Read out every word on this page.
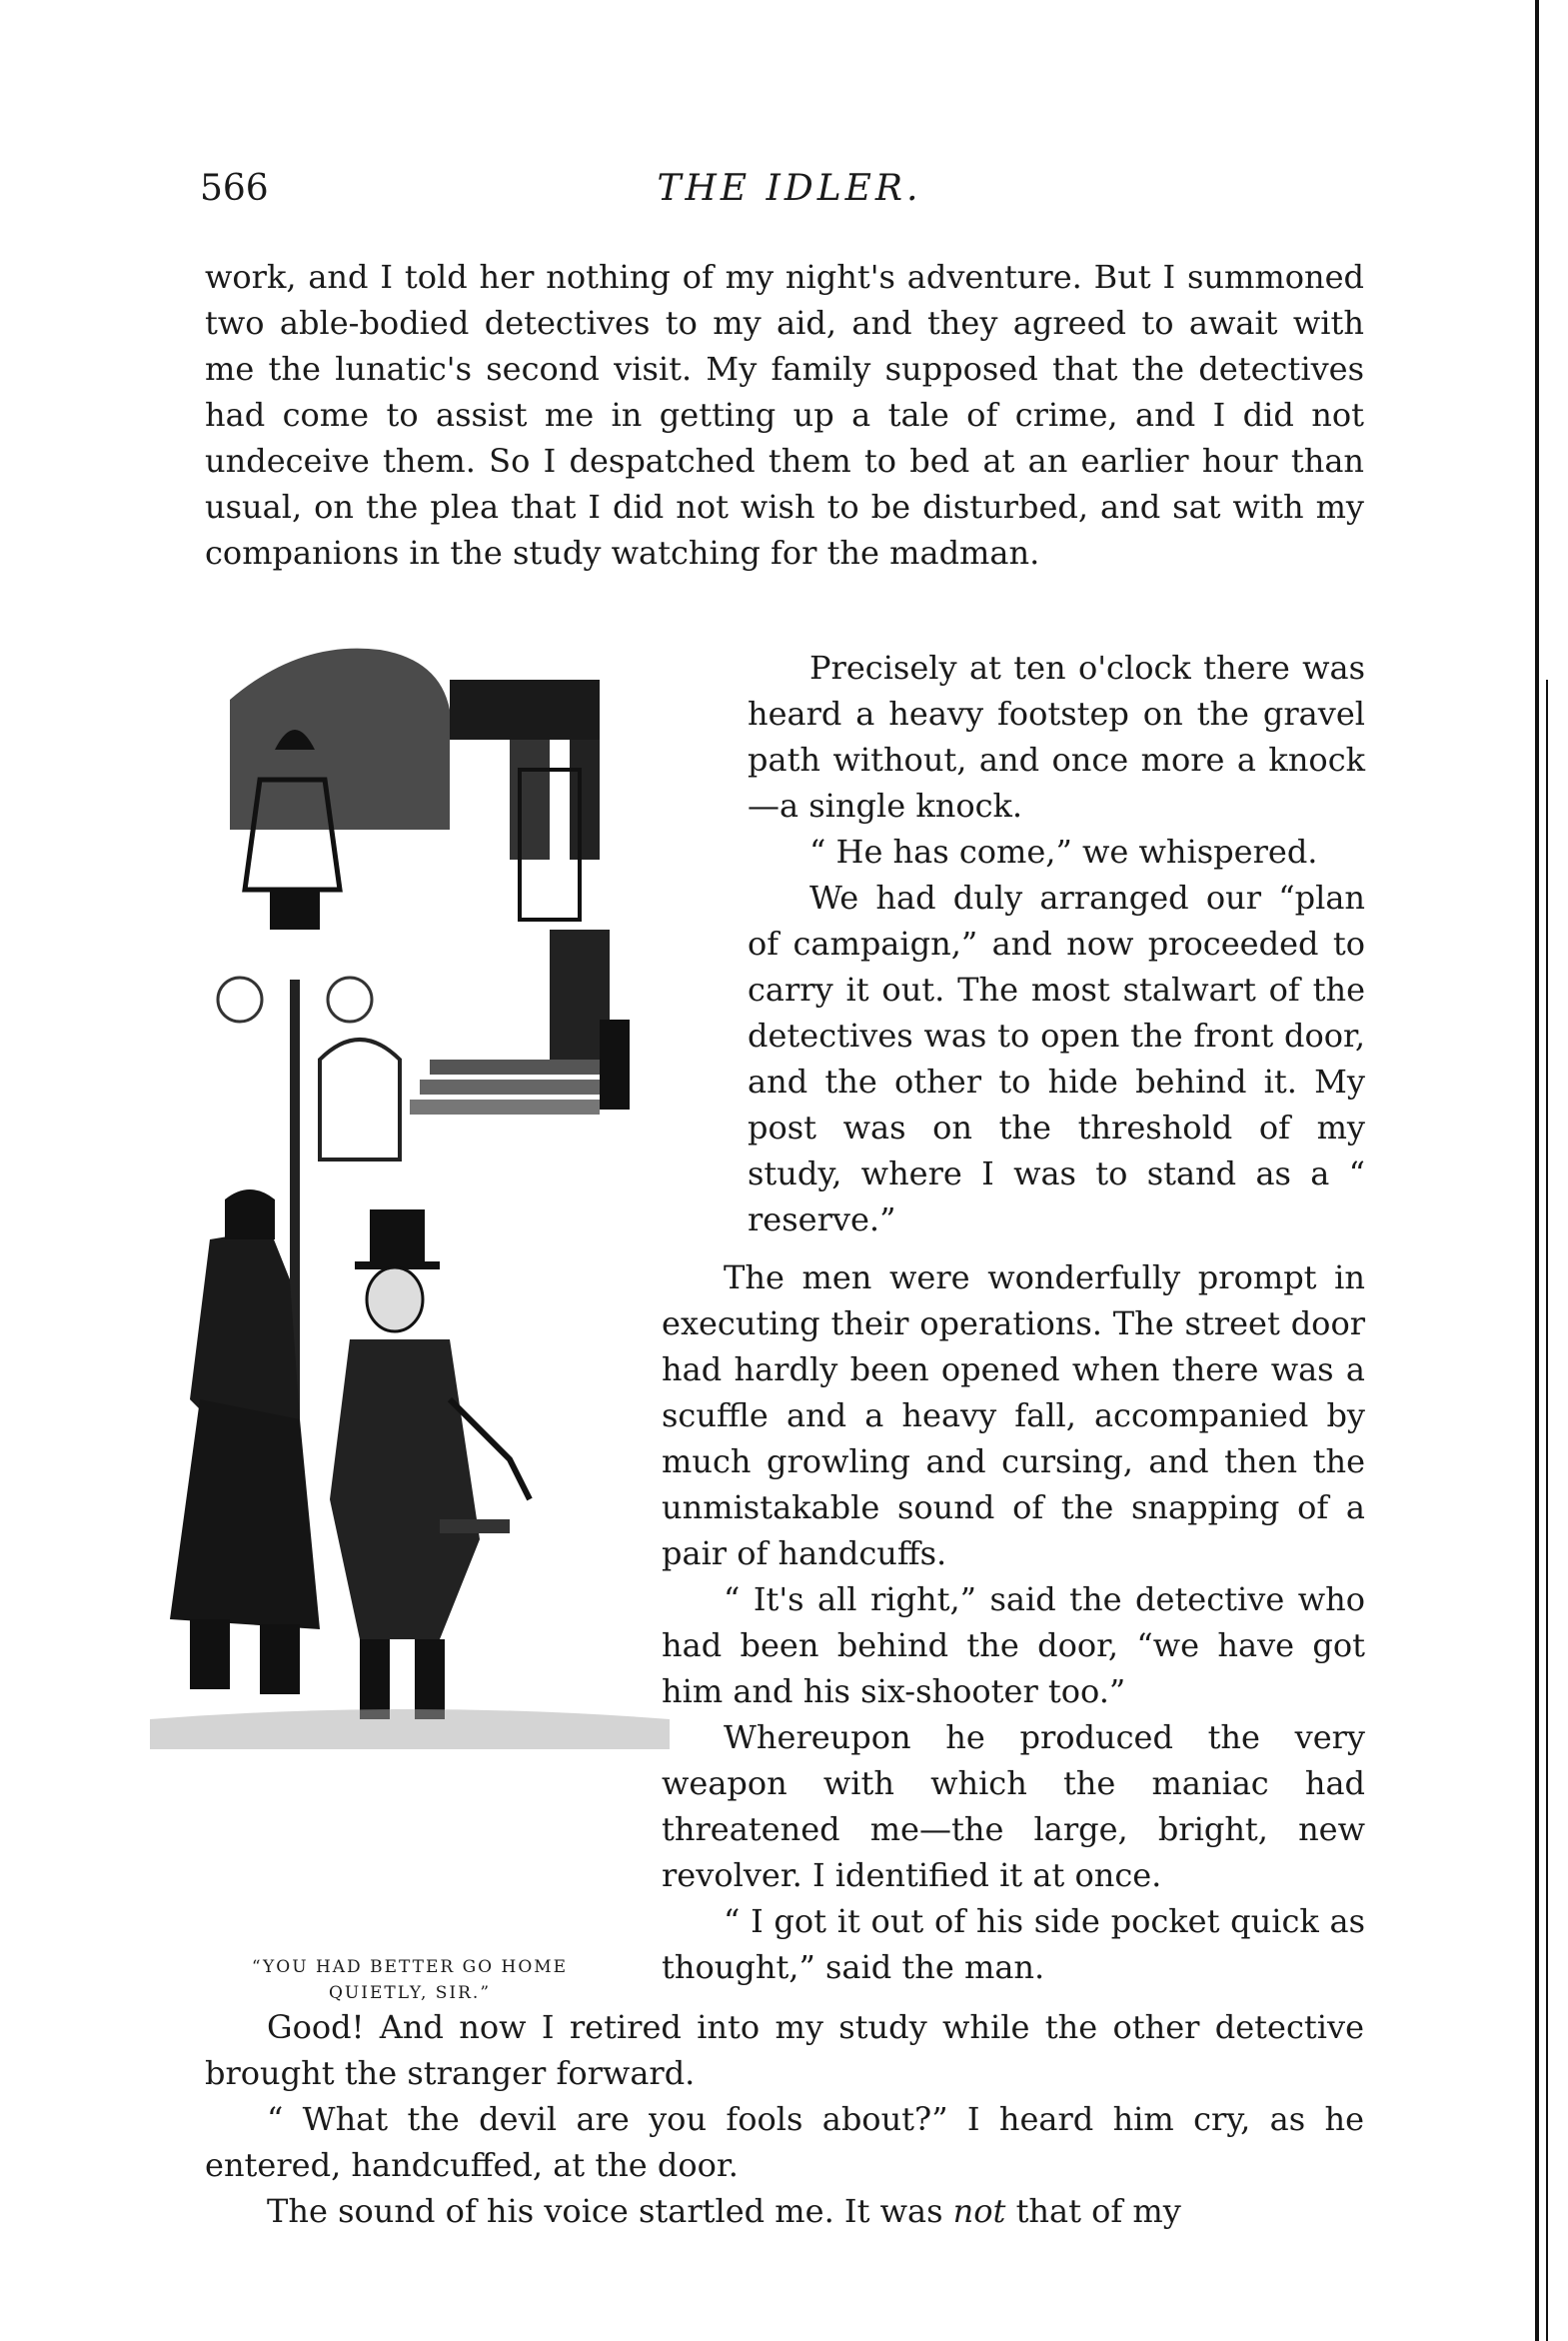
566	THE IDLER.

work, and I told her nothing of my night's adventure. But I summoned two able-bodied detectives to my aid, and they agreed to await with me the lunatic's second visit. My family supposed that the detectives had come to assist me in getting up a tale of crime, and I did not undeceive them. So I despatched them to bed at an earlier hour than usual, on the plea that I did not wish to be disturbed, and sat with my companions in the study watching for the madman.

“YOU HAD BETTER GO HOME
QUIETLY, SIR.”

Precisely at ten o'clock there was heard a heavy footstep on the gravel path without, and once more a knock—a single knock.

“ He has come,” we whispered.

We had duly arranged our “plan of campaign,” and now proceeded to carry it out. The most stalwart of the detectives was to open the front door, and the other to hide behind it. My post was on the threshold of my study, where I was to stand as a “ reserve.”

The men were wonderfully prompt in executing their operations. The street door had hardly been opened when there was a scuffle and a heavy fall, accompanied by much growling and cursing, and then the unmistakable sound of the snapping of a pair of handcuffs.

“ It's all right,” said the detective who had been behind the door, “we have got him and his six-shooter too.”

Whereupon he produced the very weapon with which the maniac had threatened me—the large, bright, new revolver. I identified it at once.

“ I got it out of his side pocket quick as thought,” said the man.

Good! And now I retired into my study while the other detective brought the stranger forward.

“ What the devil are you fools about?” I heard him cry, as he entered, handcuffed, at the door.

The sound of his voice startled me. It was not that of my
